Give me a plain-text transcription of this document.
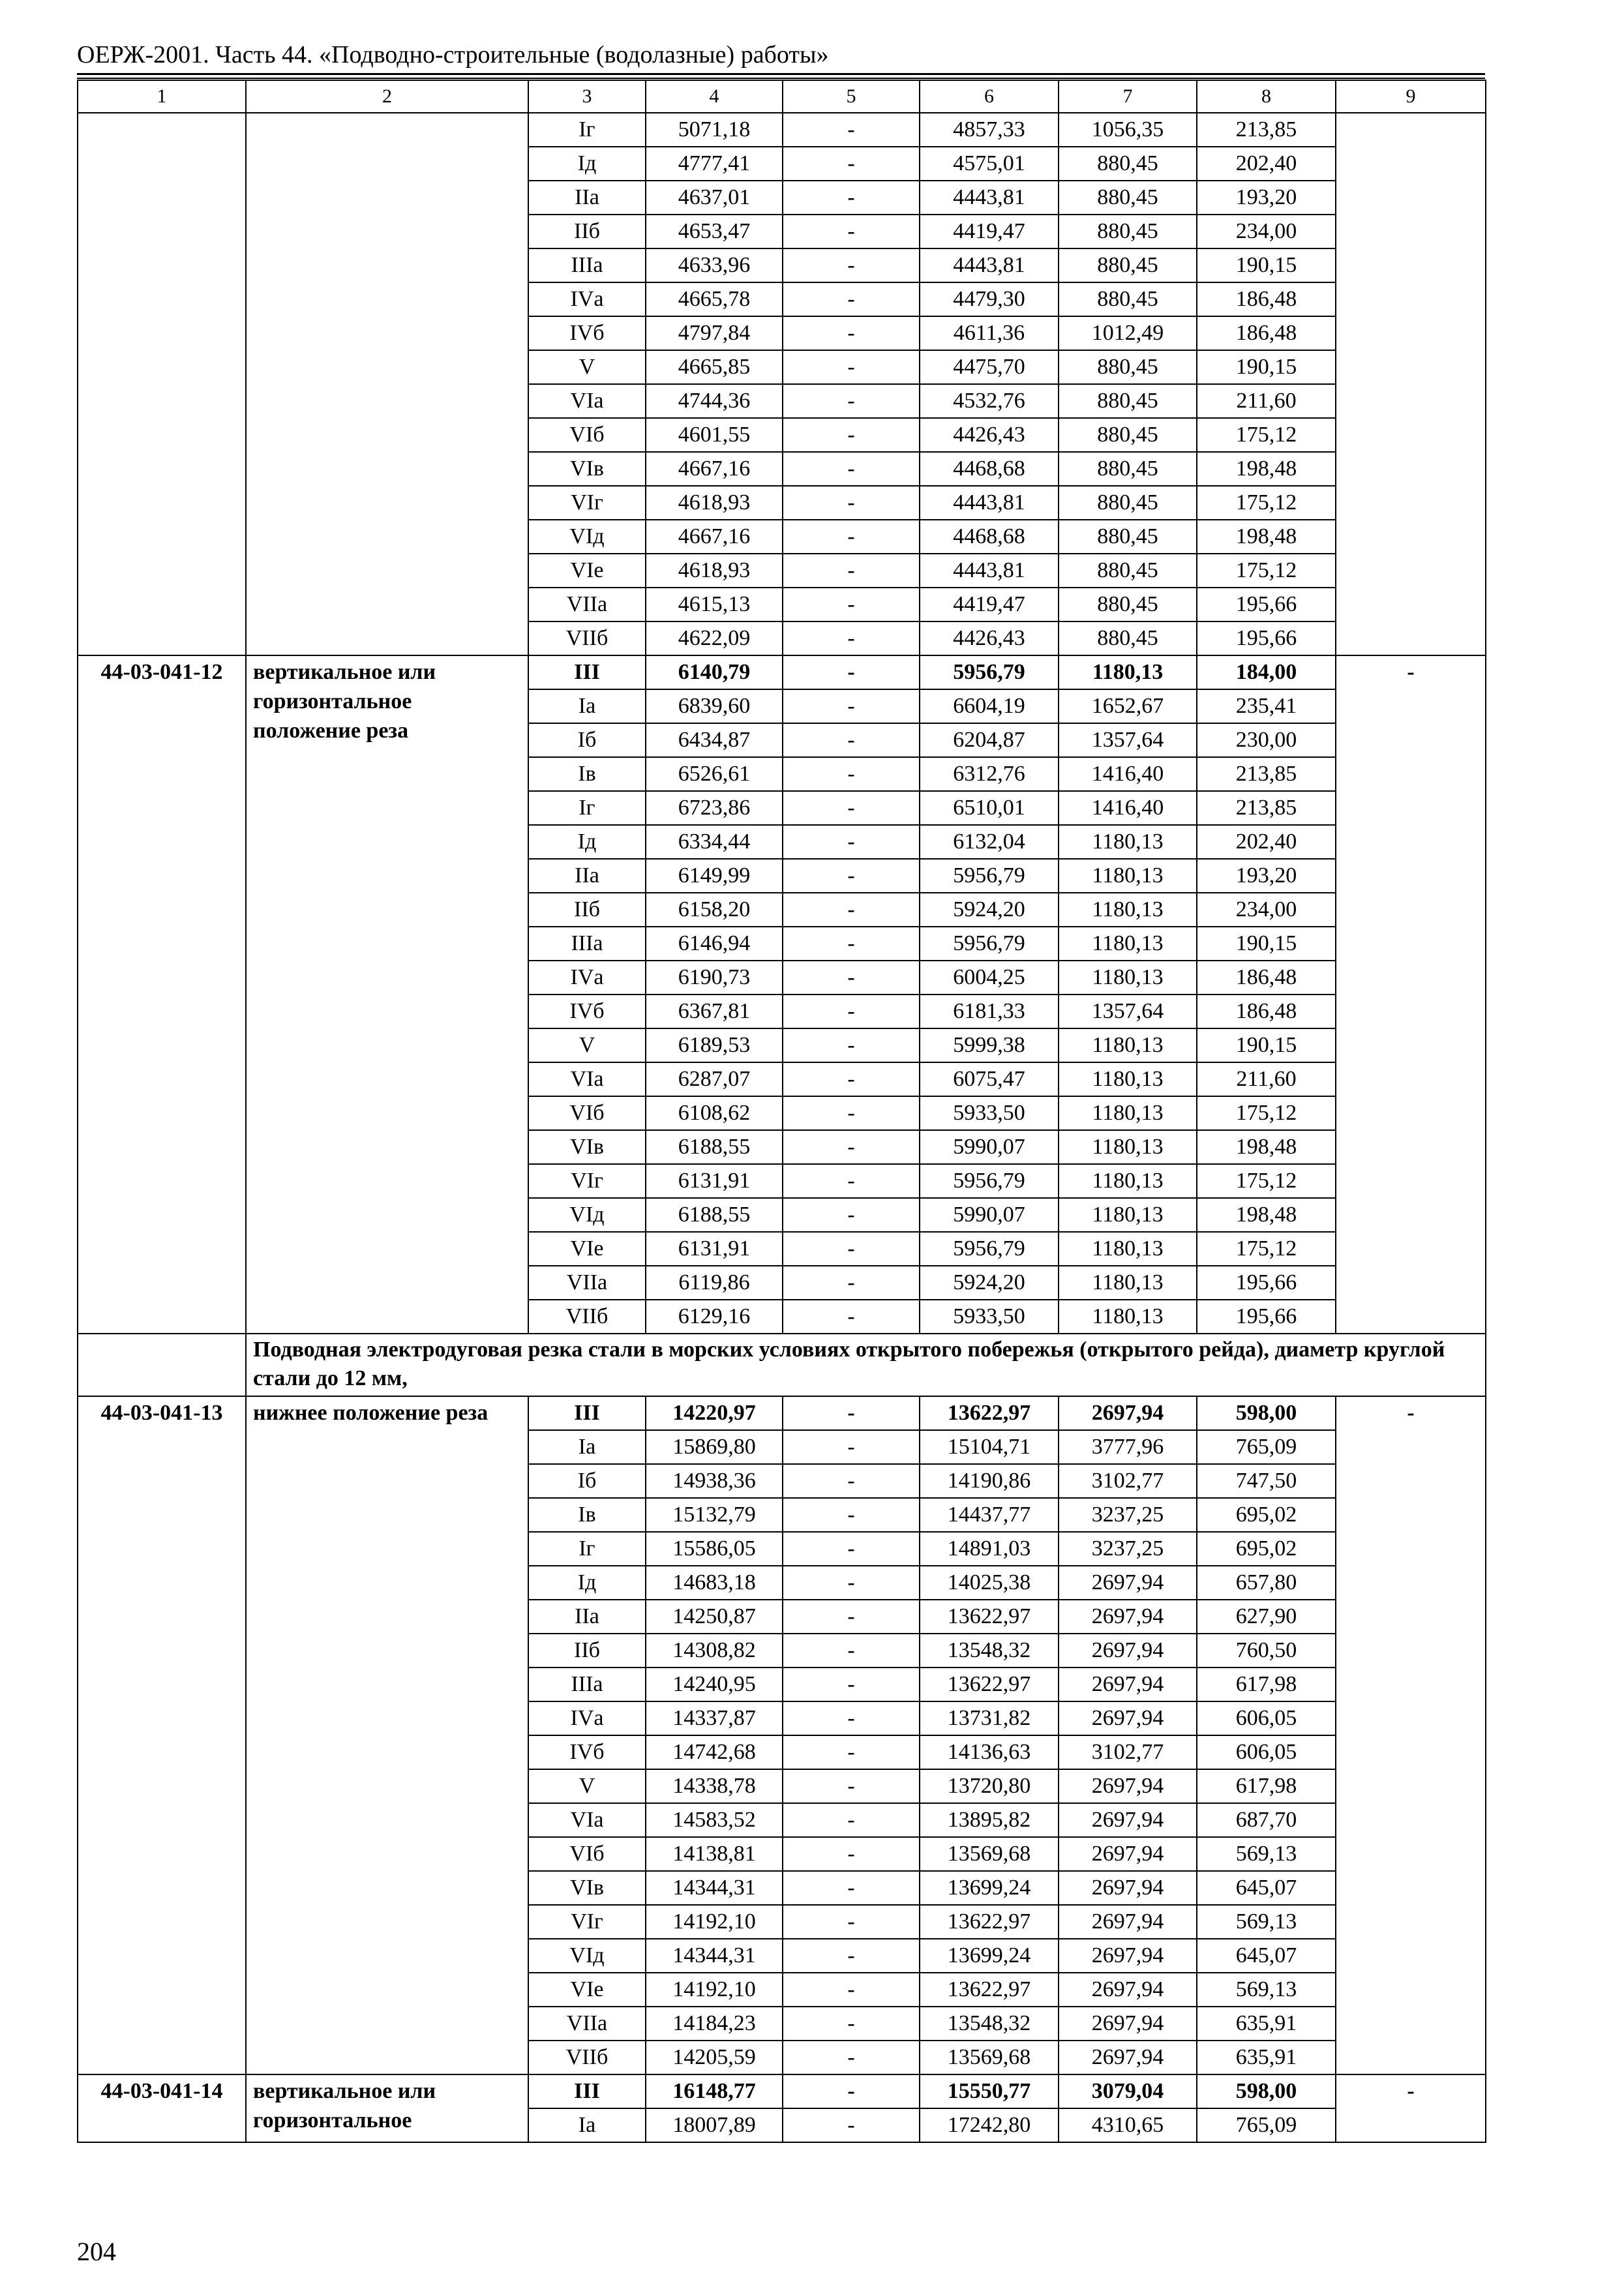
ОЕРЖ-2001. Часть 44. «Подводно-строительные (водолазные) работы»
1	2	3	4	5	6	7	8	9
		Iг	5071,18	-	4857,33	1056,35	213,85	
		Iд	4777,41	-	4575,01	880,45	202,40	
		IIа	4637,01	-	4443,81	880,45	193,20	
		IIб	4653,47	-	4419,47	880,45	234,00	
		IIIа	4633,96	-	4443,81	880,45	190,15	
		IVа	4665,78	-	4479,30	880,45	186,48	
		IVб	4797,84	-	4611,36	1012,49	186,48	
		V	4665,85	-	4475,70	880,45	190,15	
		VIа	4744,36	-	4532,76	880,45	211,60	
		VIб	4601,55	-	4426,43	880,45	175,12	
		VIв	4667,16	-	4468,68	880,45	198,48	
		VIг	4618,93	-	4443,81	880,45	175,12	
		VIд	4667,16	-	4468,68	880,45	198,48	
		VIе	4618,93	-	4443,81	880,45	175,12	
		VIIа	4615,13	-	4419,47	880,45	195,66	
		VIIб	4622,09	-	4426,43	880,45	195,66	
44-03-041-12	вертикальное или горизонтальное положение реза	III	6140,79	-	5956,79	1180,13	184,00	-
		Iа	6839,60	-	6604,19	1652,67	235,41	
		Iб	6434,87	-	6204,87	1357,64	230,00	
		Iв	6526,61	-	6312,76	1416,40	213,85	
		Iг	6723,86	-	6510,01	1416,40	213,85	
		Iд	6334,44	-	6132,04	1180,13	202,40	
		IIа	6149,99	-	5956,79	1180,13	193,20	
		IIб	6158,20	-	5924,20	1180,13	234,00	
		IIIа	6146,94	-	5956,79	1180,13	190,15	
		IVа	6190,73	-	6004,25	1180,13	186,48	
		IVб	6367,81	-	6181,33	1357,64	186,48	
		V	6189,53	-	5999,38	1180,13	190,15	
		VIа	6287,07	-	6075,47	1180,13	211,60	
		VIб	6108,62	-	5933,50	1180,13	175,12	
		VIв	6188,55	-	5990,07	1180,13	198,48	
		VIг	6131,91	-	5956,79	1180,13	175,12	
		VIд	6188,55	-	5990,07	1180,13	198,48	
		VIе	6131,91	-	5956,79	1180,13	175,12	
		VIIа	6119,86	-	5924,20	1180,13	195,66	
		VIIб	6129,16	-	5933,50	1180,13	195,66	
	Подводная электродуговая резка стали в морских условиях открытого побережья (открытого рейда), диаметр круглой стали до 12 мм,							
44-03-041-13	нижнее положение реза	III	14220,97	-	13622,97	2697,94	598,00	-
		Iа	15869,80	-	15104,71	3777,96	765,09	
		Iб	14938,36	-	14190,86	3102,77	747,50	
		Iв	15132,79	-	14437,77	3237,25	695,02	
		Iг	15586,05	-	14891,03	3237,25	695,02	
		Iд	14683,18	-	14025,38	2697,94	657,80	
		IIа	14250,87	-	13622,97	2697,94	627,90	
		IIб	14308,82	-	13548,32	2697,94	760,50	
		IIIа	14240,95	-	13622,97	2697,94	617,98	
		IVа	14337,87	-	13731,82	2697,94	606,05	
		IVб	14742,68	-	14136,63	3102,77	606,05	
		V	14338,78	-	13720,80	2697,94	617,98	
		VIа	14583,52	-	13895,82	2697,94	687,70	
		VIб	14138,81	-	13569,68	2697,94	569,13	
		VIв	14344,31	-	13699,24	2697,94	645,07	
		VIг	14192,10	-	13622,97	2697,94	569,13	
		VIд	14344,31	-	13699,24	2697,94	645,07	
		VIе	14192,10	-	13622,97	2697,94	569,13	
		VIIа	14184,23	-	13548,32	2697,94	635,91	
		VIIб	14205,59	-	13569,68	2697,94	635,91	
44-03-041-14	вертикальное или горизонтальное	III	16148,77	-	15550,77	3079,04	598,00	-
		Iа	18007,89	-	17242,80	4310,65	765,09	
204
